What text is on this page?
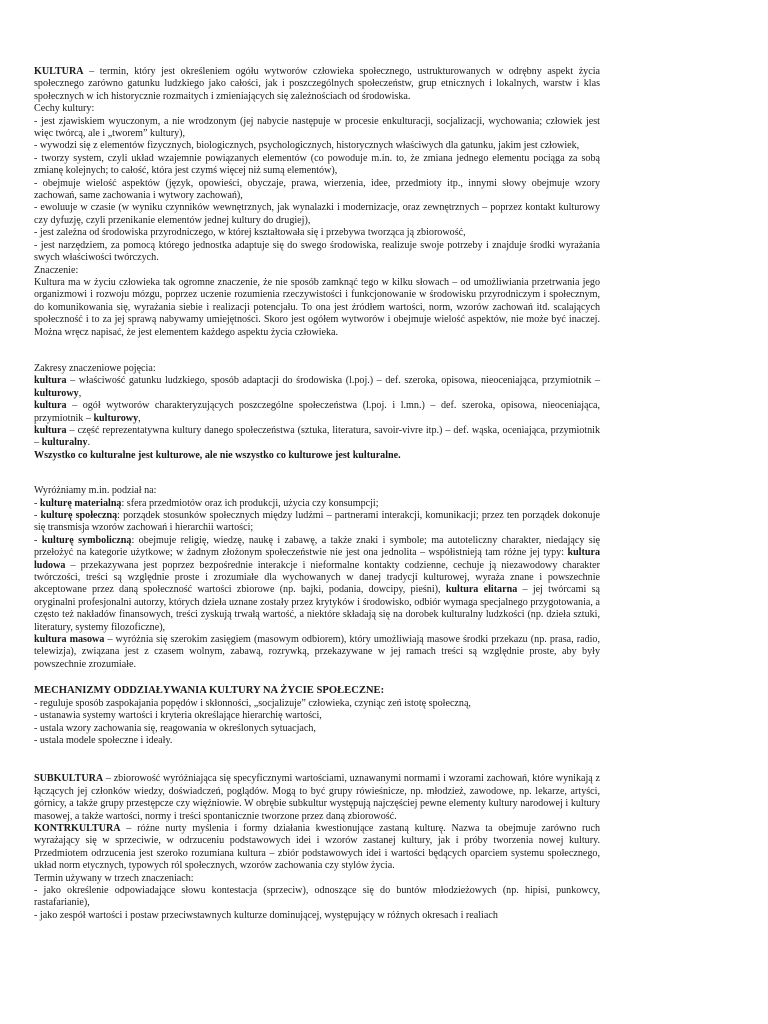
KULTURA – termin, który jest określeniem ogółu wytworów człowieka społecznego, ustrukturowanych w odrębny aspekt życia społecznego zarówno gatunku ludzkiego jako całości, jak i poszczególnych społeczeństw, grup etnicznych i lokalnych, warstw i klas społecznych w ich historycznie rozmaitych i zmieniających się zależnościach od środowiska.

Cechy kultury:

- jest zjawiskiem wyuczonym, a nie wrodzonym (jej nabycie następuje w procesie enkulturacji, socjalizacji, wychowania; człowiek jest więc twórcą, ale i „tworem” kultury),

- wywodzi się z elementów fizycznych, biologicznych, psychologicznych, historycznych właściwych dla gatunku, jakim jest człowiek,

- tworzy system, czyli układ wzajemnie powiązanych elementów (co powoduje m.in. to, że zmiana jednego elementu pociąga za sobą zmianę kolejnych; to całość, która jest czymś więcej niż sumą elementów),

- obejmuje wielość aspektów (język, opowieści, obyczaje, prawa, wierzenia, idee, przedmioty itp., innymi słowy obejmuje wzory zachowań, same zachowania i wytwory zachowań),

- ewoluuje w czasie (w wyniku czynników wewnętrznych, jak wynalazki i modernizacje, oraz zewnętrznych – poprzez kontakt kulturowy czy dyfuzję, czyli przenikanie elementów jednej kultury do drugiej),

- jest zależna od środowiska przyrodniczego, w której kształtowała się i przebywa tworząca ją zbiorowość,

- jest narzędziem, za pomocą którego jednostka adaptuje się do swego środowiska, realizuje swoje potrzeby i znajduje środki wyrażania swych właściwości twórczych.

Znaczenie:

Kultura ma w życiu człowieka tak ogromne znaczenie, że nie sposób zamknąć tego w kilku słowach – od umożliwiania przetrwania jego organizmowi i rozwoju mózgu, poprzez uczenie rozumienia rzeczywistości i funkcjonowanie w środowisku przyrodniczym i społecznym, do komunikowania się, wyrażania siebie i realizacji potencjału. To ona jest źródłem wartości, norm, wzorów zachowań itd. scalających społeczność i to za jej sprawą nabywamy umiejętności. Skoro jest ogółem wytworów i obejmuje wielość aspektów, nie może być inaczej. Można wręcz napisać, że jest elementem każdego aspektu życia człowieka.

Zakresy znaczeniowe pojęcia:

kultura – właściwość gatunku ludzkiego, sposób adaptacji do środowiska (l.poj.) – def. szeroka, opisowa, nieoceniająca, przymiotnik – kulturowy,

kultura – ogół wytworów charakteryzujących poszczególne społeczeństwa (l.poj. i l.mn.) – def. szeroka, opisowa, nieoceniająca, przymiotnik – kulturowy,

kultura – część reprezentatywna kultury danego społeczeństwa (sztuka, literatura, savoir-vivre itp.) – def. wąska, oceniająca, przymiotnik – kulturalny.

Wszystko co kulturalne jest kulturowe, ale nie wszystko co kulturowe jest kulturalne.

Wyróżniamy m.in. podział na:

- kulturę materialną: sfera przedmiotów oraz ich produkcji, użycia czy konsumpcji;

- kulturę społeczną: porządek stosunków społecznych między ludźmi – partnerami interakcji, komunikacji; przez ten porządek dokonuje się transmisja wzorów zachowań i hierarchii wartości;

- kulturę symboliczną: obejmuje religię, wiedzę, naukę i zabawę, a także znaki i symbole; ma autoteliczny charakter, niedający się przełożyć na kategorie użytkowe; w żadnym złożonym społeczeństwie nie jest ona jednolita – współistnieją tam różne jej typy: kultura ludowa – przekazywana jest poprzez bezpośrednie interakcje i nieformalne kontakty codzienne, cechuje ją niezawodowy charakter twórczości, treści są względnie proste i zrozumiałe dla wychowanych w danej tradycji kulturowej, wyraża znane i powszechnie akceptowane przez daną społeczność wartości zbiorowe (np. bajki, podania, dowcipy, pieśni), kultura elitarna – jej twórcami są oryginalni profesjonalni autorzy, których dzieła uznane zostały przez krytyków i środowisko, odbiór wymaga specjalnego przygotowania, a często też nakładów finansowych, treści zyskują trwałą wartość, a niektóre składają się na dorobek kulturalny ludzkości (np. dzieła sztuki, literatury, systemy filozoficzne),

kultura masowa – wyróżnia się szerokim zasięgiem (masowym odbiorem), który umożliwiają masowe środki przekazu (np. prasa, radio, telewizja), związana jest z czasem wolnym, zabawą, rozrywką, przekazywane w jej ramach treści są względnie proste, aby były powszechnie zrozumiałe.

MECHANIZMY ODDZIAŁYWANIA KULTURY NA ŻYCIE SPOŁECZNE:

- reguluje sposób zaspokajania popędów i skłonności, „socjalizuje” człowieka, czyniąc zeń istotę społeczną,

- ustanawia systemy wartości i kryteria określające hierarchię wartości,

- ustala wzory zachowania się, reagowania w określonych sytuacjach,

- ustala modele społeczne i ideały.

SUBKULTURA – zbiorowość wyróżniająca się specyficznymi wartościami, uznawanymi normami i wzorami zachowań, które wynikają z łączących jej członków wiedzy, doświadczeń, poglądów. Mogą to być grupy rówieśnicze, np. młodzież, zawodowe, np. lekarze, artyści, górnicy, a także grupy przestępcze czy więźniowie. W obrębie subkultur występują najczęściej pewne elementy kultury narodowej i kultury masowej, a także wartości, normy i treści spontanicznie tworzone przez daną zbiorowość.

KONTRKULTURA – różne nurty myślenia i formy działania kwestionujące zastaną kulturę. Nazwa ta obejmuje zarówno ruch wyrażający się w sprzeciwie, w odrzuceniu podstawowych idei i wzorów zastanej kultury, jak i próby tworzenia nowej kultury. Przedmiotem odrzucenia jest szeroko rozumiana kultura – zbiór podstawowych idei i wartości będących oparciem systemu społecznego, układ norm etycznych, typowych ról społecznych, wzorów zachowania czy stylów życia.

Termin używany w trzech znaczeniach:

- jako określenie odpowiadające słowu kontestacja (sprzeciw), odnoszące się do buntów młodzieżowych (np. hipisi, punkowcy, rastafarianie),

- jako zespół wartości i postaw przeciwstawnych kulturze dominującej, występujący w różnych okresach i realiach
